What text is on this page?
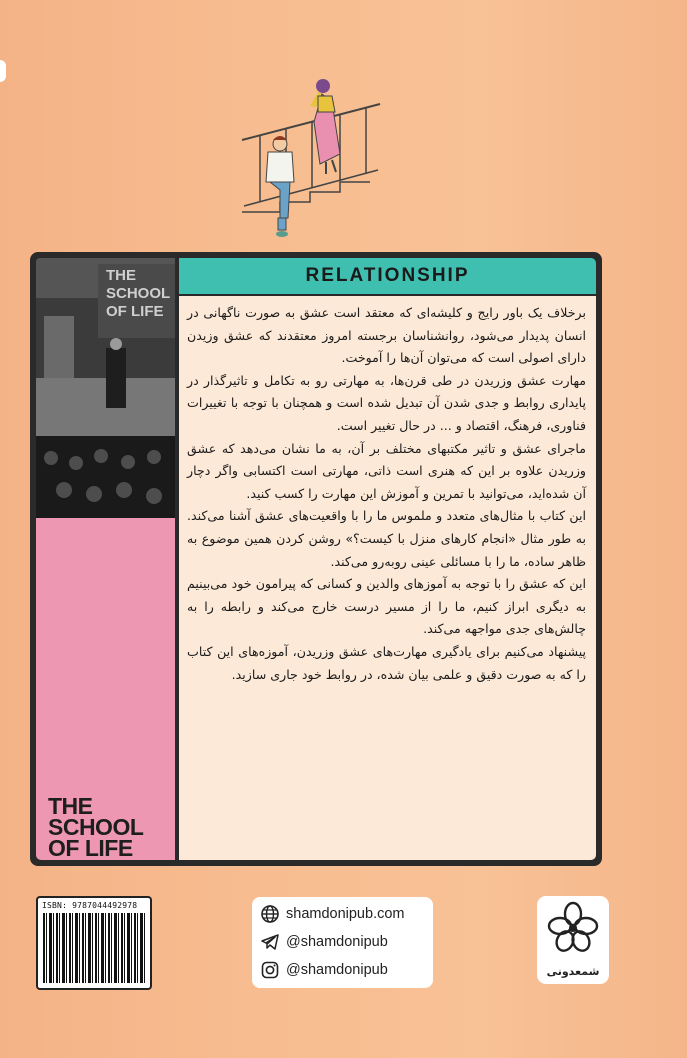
THE
SCHOOL
OF LIFE
THE
SCHOOL
OF LIFE
RELATIONSHIP

برخلاف یک باور رایج و کلیشه‌ای که معتقد است عشق به صورت ناگهانی در انسان پدیدار می‌شود، روانشناسان برجسته امروز معتقدند که عشق وزیدن دارای اصولی است که می‌توان آن‌ها را آموخت.

مهارت عشق وزریدن در طی قرن‌ها، به مهارتی رو به تکامل و تاثیرگذار در پایداری روابط و جدی شدن آن تبدیل شده است و همچنان با توجه با تغییرات فناوری، فرهنگ، اقتصاد و ... در حال تغییر است.

ماجرای عشق و تاثیر مکتبهای مختلف بر آن، به ما نشان می‌دهد که عشق وزریدن علاوه بر این که هنری است ذاتی، مهارتی است اکتسابی واگر دچار آن شده‌اید، می‌توانید با تمرین و آموزش این مهارت را کسب کنید.

این کتاب با مثال‌های متعدد و ملموس ما را با واقعیت‌های عشق آشنا می‌کند. به طور مثال «انجام کارهای منزل با کیست؟» روشن کردن همین موضوع به ظاهر ساده، ما را با مسائلی عینی روبه‌رو می‌کند.

این که عشق را با توجه به آموزهای والدین و کسانی که پیرامون خود می‌بینیم به دیگری ابراز کنیم، ما را از مسیر درست خارج می‌کند و رابطه را به چالش‌های جدی مواجهه می‌کند.

پیشنهاد می‌کنیم برای یادگیری مهارت‌های عشق وزریدن، آموزه‌های این کتاب را که به صورت دقیق و علمی بیان شده، در روابط خود جاری سازید.

ISBN: 9787044492978
shamdonipub.com
@shamdonipub
@shamdonipub	شمعدونی
